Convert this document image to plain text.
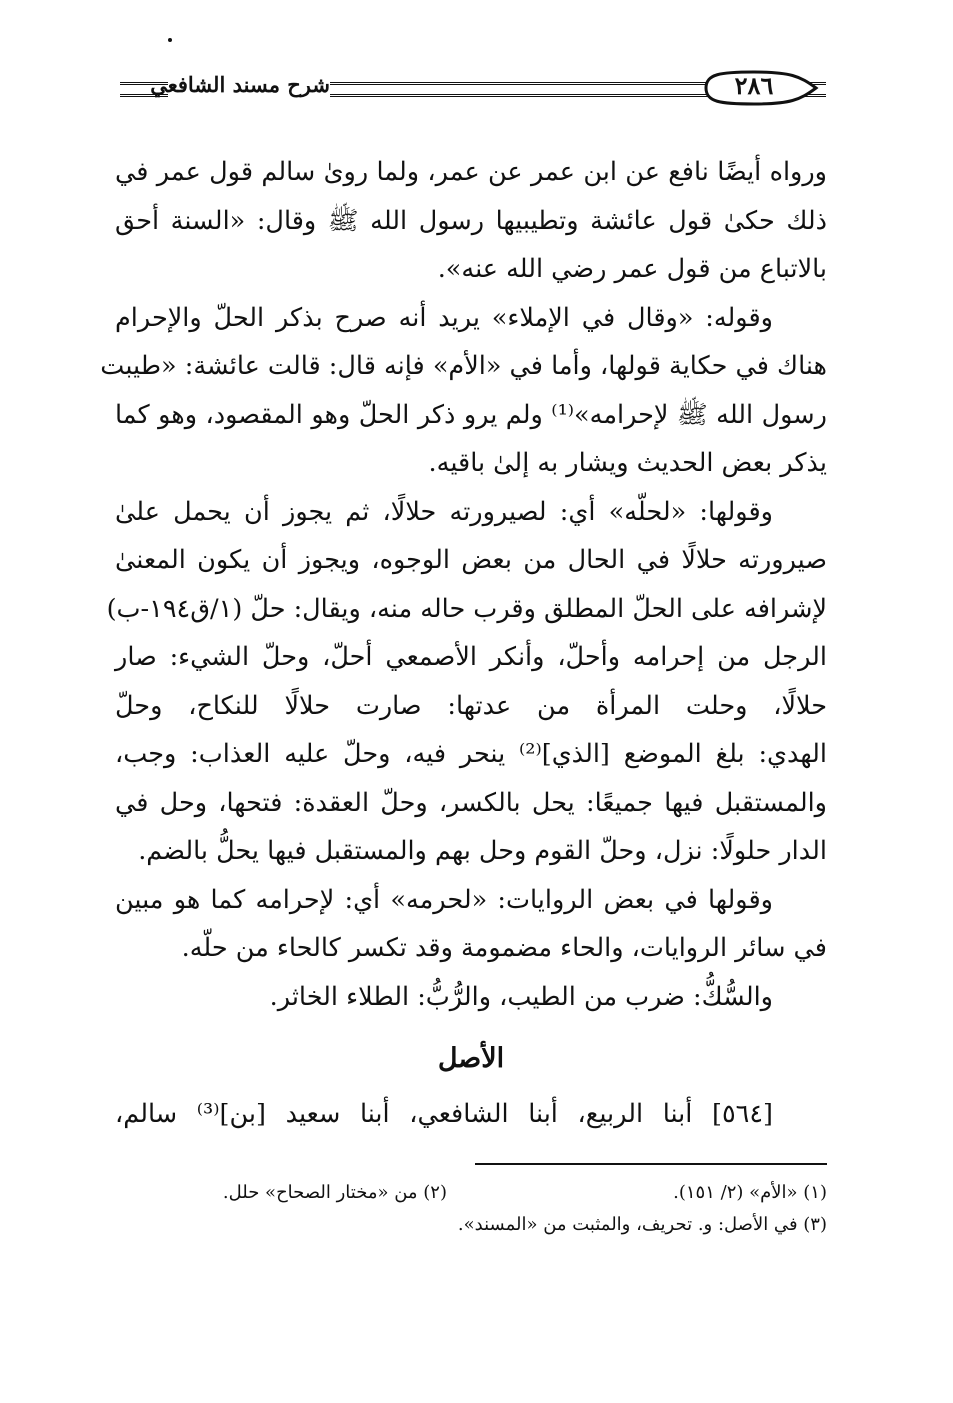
شرح مسند الشافعي	٢٨٦
ورواه أيضًا نافع عن ابن عمر عن عمر، ولما روىٰ سالم قول عمر في
ذلك حكىٰ قول عائشة وتطيبيها رسول الله ﷺ وقال: «السنة أحق
بالاتباع من قول عمر رضي الله عنه».
وقوله: «وقال في الإملاء» يريد أنه صرح بذكر الحلّ والإحرام
هناك في حكاية قولها، وأما في «الأم» فإنه قال: قالت عائشة: «طيبت
رسول الله ﷺ لإحرامه»⁽¹⁾ ولم يرو ذكر الحلّ وهو المقصود، وهو كما
يذكر بعض الحديث ويشار به إلىٰ باقيه.
وقولها: «لحلّه» أي: لصيرورته حلالًا، ثم يجوز أن يحمل علىٰ
صيرورته حلالًا في الحال من بعض الوجوه، ويجوز أن يكون المعنىٰ
لإشرافه على الحلّ المطلق وقرب حاله منه، ويقال: حلّ (١/ق١٩٤-ب)
الرجل من إحرامه وأحلّ، وأنكر الأصمعي أحلّ، وحلّ الشيء: صار
حلالًا، وحلت المرأة من عدتها: صارت حلالًا للنكاح، وحلّ
الهدي: بلغ الموضع [الذي]⁽²⁾ ينحر فيه، وحلّ عليه العذاب: وجب،
والمستقبل فيها جميعًا: يحل بالكسر، وحلّ العقدة: فتحها، وحل في
الدار حلولًا: نزل، وحلّ القوم وحل بهم والمستقبل فيها يحلُّ بالضم.
وقولها في بعض الروايات: «لحرمه» أي: لإحرامه كما هو مبين
في سائر الروايات، والحاء مضمومة وقد تكسر كالحاء من حلّه.
والسُّكُّ: ضرب من الطيب، والرُّبُّ: الطلاء الخاثر.
الأصل
[٥٦٤] أبنا الربيع، أبنا الشافعي، أبنا سعيد [بن]⁽³⁾ سالم،
(١) «الأم» (٢/ ١٥١).
(٢) من «مختار الصحاح» حلل.
(٣) في الأصل: و. تحريف، والمثبت من «المسند».
